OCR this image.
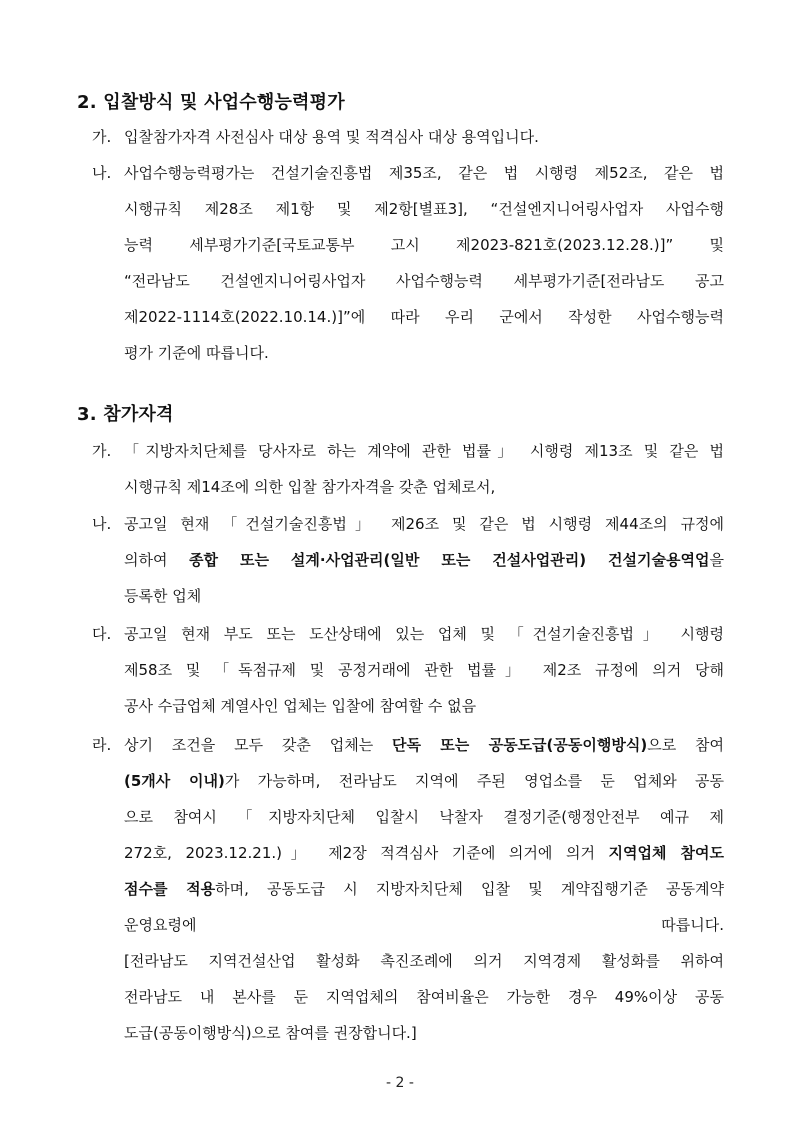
2. 입찰방식 및 사업수행능력평가
가. 입찰참가자격 사전심사 대상 용역 및 적격심사 대상 용역입니다.
나. 사업수행능력평가는 건설기술진흥법 제35조, 같은 법 시행령 제52조, 같은 법
시행규칙 제28조 제1항 및 제2항[별표3], “건설엔지니어링사업자 사업수행
능력 세부평가기준[국토교통부 고시 제2023-821호(2023.12.28.)]” 및
“전라남도 건설엔지니어링사업자 사업수행능력 세부평가기준[전라남도 공고
제2022-1114호(2022.10.14.)]”에 따라 우리 군에서 작성한 사업수행능력
평가 기준에 따릅니다.
3. 참가자격
가. 「지방자치단체를 당사자로 하는 계약에 관한 법률」 시행령 제13조 및 같은 법
시행규칙 제14조에 의한 입찰 참가자격을 갖춘 업체로서,
나. 공고일 현재 「건설기술진흥법」 제26조 및 같은 법 시행령 제44조의 규정에
의하여 종합 또는 설계·사업관리(일반 또는 건설사업관리) 건설기술용역업을
등록한 업체
다. 공고일 현재 부도 또는 도산상태에 있는 업체 및 「건설기술진흥법」 시행령
제58조 및 「독점규제 및 공정거래에 관한 법률」 제2조 규정에 의거 당해
공사 수급업체 계열사인 업체는 입찰에 참여할 수 없음
라. 상기 조건을 모두 갖춘 업체는 단독 또는 공동도급(공동이행방식)으로 참여
(5개사 이내)가 가능하며, 전라남도 지역에 주된 영업소를 둔 업체와 공동
으로 참여시 「지방자치단체 입찰시 낙찰자 결정기준(행정안전부 예규 제
272호, 2023.12.21.)」 제2장 적격심사 기준에 의거에 의거 지역업체 참여도
점수를 적용하며, 공동도급 시 지방자치단체 입찰 및 계약집행기준 공동계약
운영요령에 따릅니다.
[전라남도 지역건설산업 활성화 촉진조례에 의거 지역경제 활성화를 위하여
전라남도 내 본사를 둔 지역업체의 참여비율은 가능한 경우 49%이상 공동
도급(공동이행방식)으로 참여를 권장합니다.]
- 2 -
